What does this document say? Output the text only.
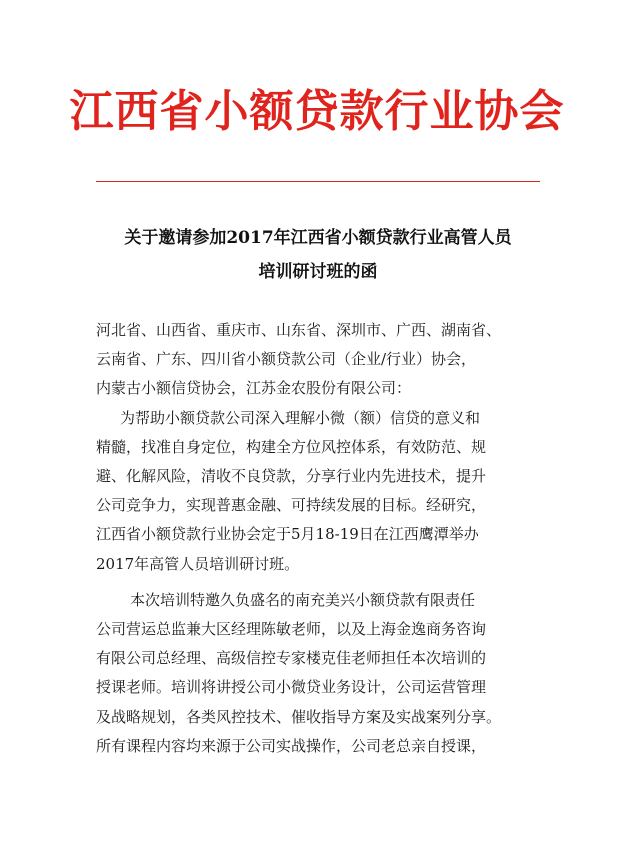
江西省小额贷款行业协会
关于邀请参加2017年江西省小额贷款行业高管人员
培训研讨班的函
河北省、山西省、重庆市、山东省、深圳市、广西、湖南省、
云南省、广东、四川省小额贷款公司（企业/行业）协会，
内蒙古小额信贷协会，江苏金农股份有限公司：
为帮助小额贷款公司深入理解小微（额）信贷的意义和
精髓，找准自身定位，构建全方位风控体系，有效防范、规
避、化解风险，清收不良贷款，分享行业内先进技术，提升
公司竞争力，实现普惠金融、可持续发展的目标。经研究，
江西省小额贷款行业协会定于5月18-19日在江西鹰潭举办
2017年高管人员培训研讨班。
本次培训特邀久负盛名的南充美兴小额贷款有限责任
公司营运总监兼大区经理陈敏老师，以及上海金逸商务咨询
有限公司总经理、高级信控专家楼克佳老师担任本次培训的
授课老师。培训将讲授公司小微贷业务设计，公司运营管理
及战略规划，各类风控技术、催收指导方案及实战案列分享。
所有课程内容均来源于公司实战操作，公司老总亲自授课，
